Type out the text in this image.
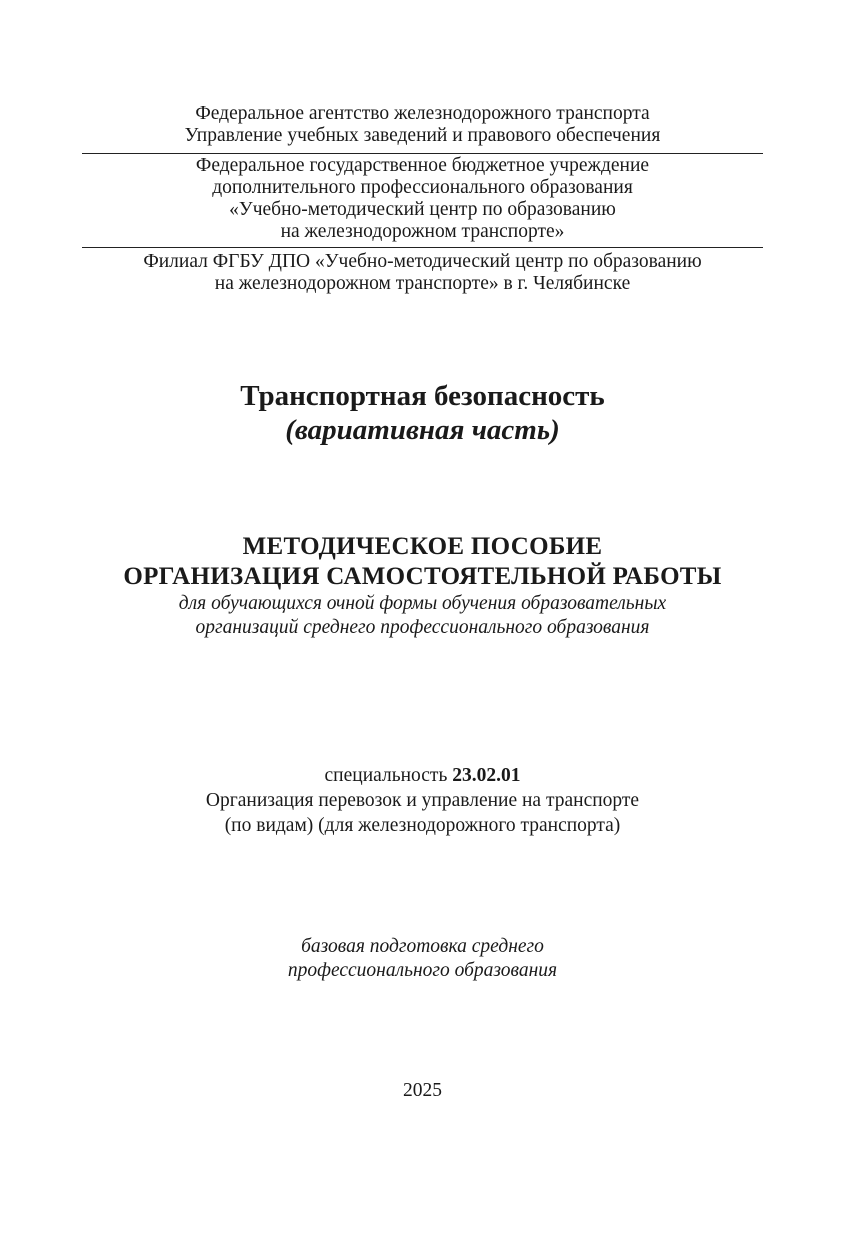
Федеральное агентство железнодорожного транспорта
Управление учебных заведений и правового обеспечения
Федеральное государственное бюджетное учреждение
дополнительного профессионального образования
«Учебно-методический центр по образованию
на железнодорожном транспорте»
Филиал ФГБУ ДПО «Учебно-методический центр по образованию
на железнодорожном транспорте» в г. Челябинске
Транспортная безопасность
(вариативная часть)
МЕТОДИЧЕСКОЕ ПОСОБИЕ
ОРГАНИЗАЦИЯ САМОСТОЯТЕЛЬНОЙ РАБОТЫ
для обучающихся очной формы обучения образовательных
организаций среднего профессионального образования
специальность 23.02.01
Организация перевозок и управление на транспорте
(по видам) (для железнодорожного транспорта)
базовая подготовка среднего
профессионального образования
2025
